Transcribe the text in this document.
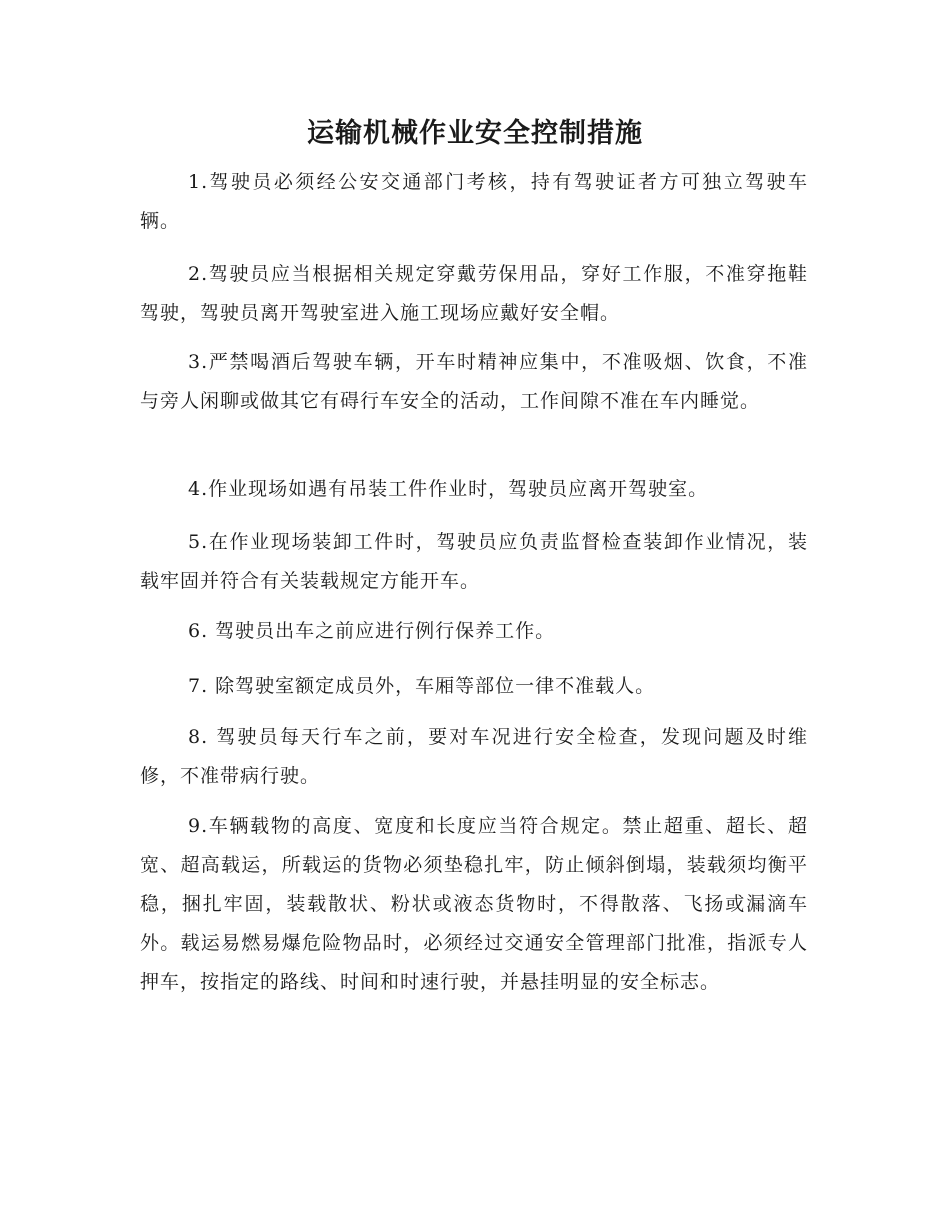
运输机械作业安全控制措施

1.驾驶员必须经公安交通部门考核，持有驾驶证者方可独立驾驶车辆。

2.驾驶员应当根据相关规定穿戴劳保用品，穿好工作服，不准穿拖鞋驾驶，驾驶员离开驾驶室进入施工现场应戴好安全帽。

3.严禁喝酒后驾驶车辆，开车时精神应集中，不准吸烟、饮食，不准与旁人闲聊或做其它有碍行车安全的活动，工作间隙不准在车内睡觉。

4.作业现场如遇有吊装工件作业时，驾驶员应离开驾驶室。

5.在作业现场装卸工件时，驾驶员应负责监督检查装卸作业情况，装载牢固并符合有关装载规定方能开车。

6. 驾驶员出车之前应进行例行保养工作。

7. 除驾驶室额定成员外，车厢等部位一律不准载人。

8. 驾驶员每天行车之前，要对车况进行安全检查，发现问题及时维修，不准带病行驶。

9.车辆载物的高度、宽度和长度应当符合规定。禁止超重、超长、超宽、超高载运，所载运的货物必须垫稳扎牢，防止倾斜倒塌，装载须均衡平稳，捆扎牢固，装载散状、粉状或液态货物时，不得散落、飞扬或漏滴车外。载运易燃易爆危险物品时，必须经过交通安全管理部门批准，指派专人押车，按指定的路线、时间和时速行驶，并悬挂明显的安全标志。
